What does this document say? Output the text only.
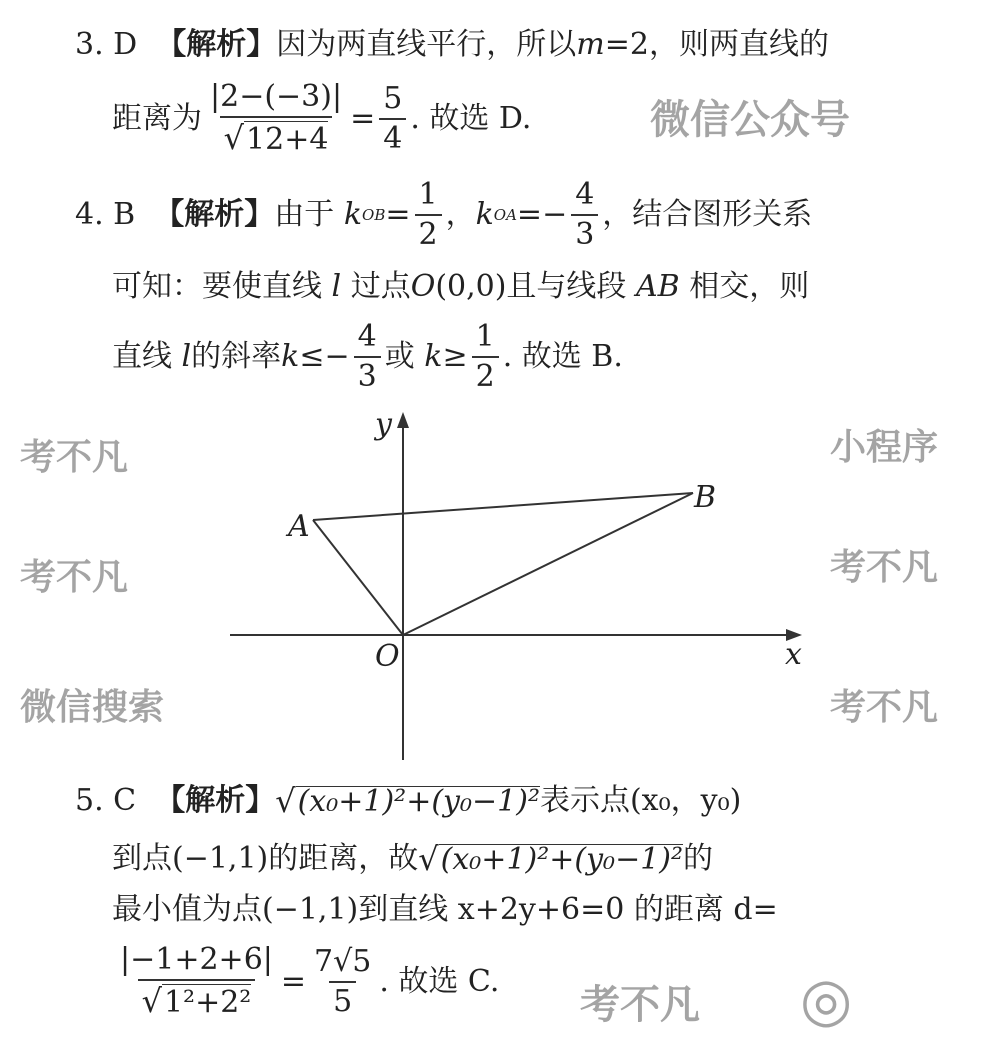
3. D
【解析】 因为两直线平行，所以 m =2，则两直线的
距离为 $\frac{|2-(-3)|}{√12+4} = \frac{5}{4}$ . 故选 D.
4. B
【解析】 由于
k OB = $\frac{1}{2}$ ， k OA = − $\frac{4}{3}$ ，结合图形关系
可知：要使直线
l
过点 O (0,0)且与线段
AB
相交，则
直线
l 的斜率 $k \le- \frac{4}{3}$ 或
$k \ge \frac{1}{2}$ . 故选 B.
y
A
B
O	x
5. C
【解析】 √ (x₀+1)²+(y₀−1)² 表示点(x₀，y₀)
到点(−1,1)的距离，故 √ (x₀+1)²+(y₀−1)² 的
最小值为点(−1,1)到直线 x+2y+6=0 的距离 d=
$\frac{|-1+2+6|}{\text{√1²+2²}} = \frac{7√5}{5}$ . 故选 C.
考不凡
考不凡
微信搜索
小程序
考不凡
考不凡
微信公众号
考不凡 ◎
